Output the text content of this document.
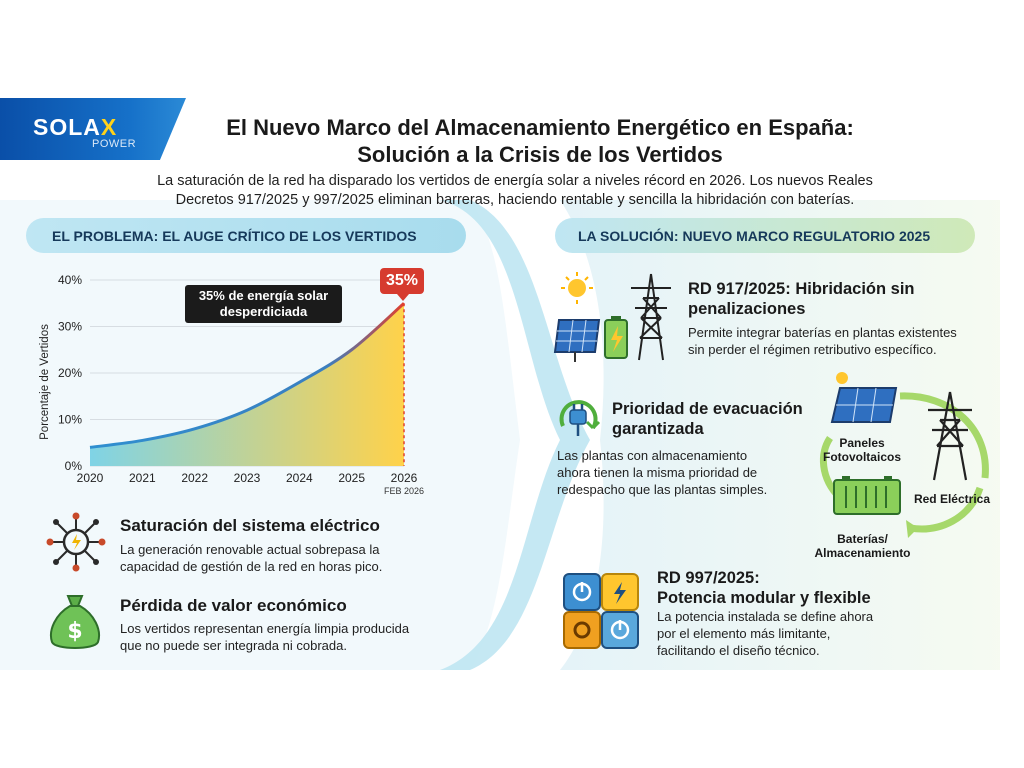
SOLAX
POWER
El Nuevo Marco del Almacenamiento Energético en España:
Solución a la Crisis de los Vertidos
La saturación de la red ha disparado los vertidos de energía solar a niveles récord en 2026. Los nuevos Reales
Decretos 917/2025 y 997/2025 eliminan barreras, haciendo rentable y sencilla la hibridación con baterías.
EL PROBLEMA: EL AUGE CRÍTICO DE LOS VERTIDOS	LA SOLUCIÓN: NUEVO MARCO REGULATORIO 2025
0%
10%
20%
30%
40%
2020 2021 2022 2023 2024 2025 2026
FEB 2026
Porcentaje de Vertidos
35% de energía solar
desperdiciada
35%
Saturación del sistema eléctrico
La generación renovable actual sobrepasa la
capacidad de gestión de la red en horas pico.
$
Pérdida de valor económico
Los vertidos representan energía limpia producida
que no puede ser integrada ni cobrada.
RD 917/2025: Hibridación sin
penalizaciones
Permite integrar baterías en plantas existentes
sin perder el régimen retributivo específico.
Prioridad de evacuación
garantizada
Las plantas con almacenamiento
ahora tienen la misma prioridad de
redespacho que las plantas simples.
Paneles
Fotovoltaicos
Red Eléctrica
Baterías/
Almacenamiento
RD 997/2025:
Potencia modular y flexible
La potencia instalada se define ahora
por el elemento más limitante,
facilitando el diseño técnico.
